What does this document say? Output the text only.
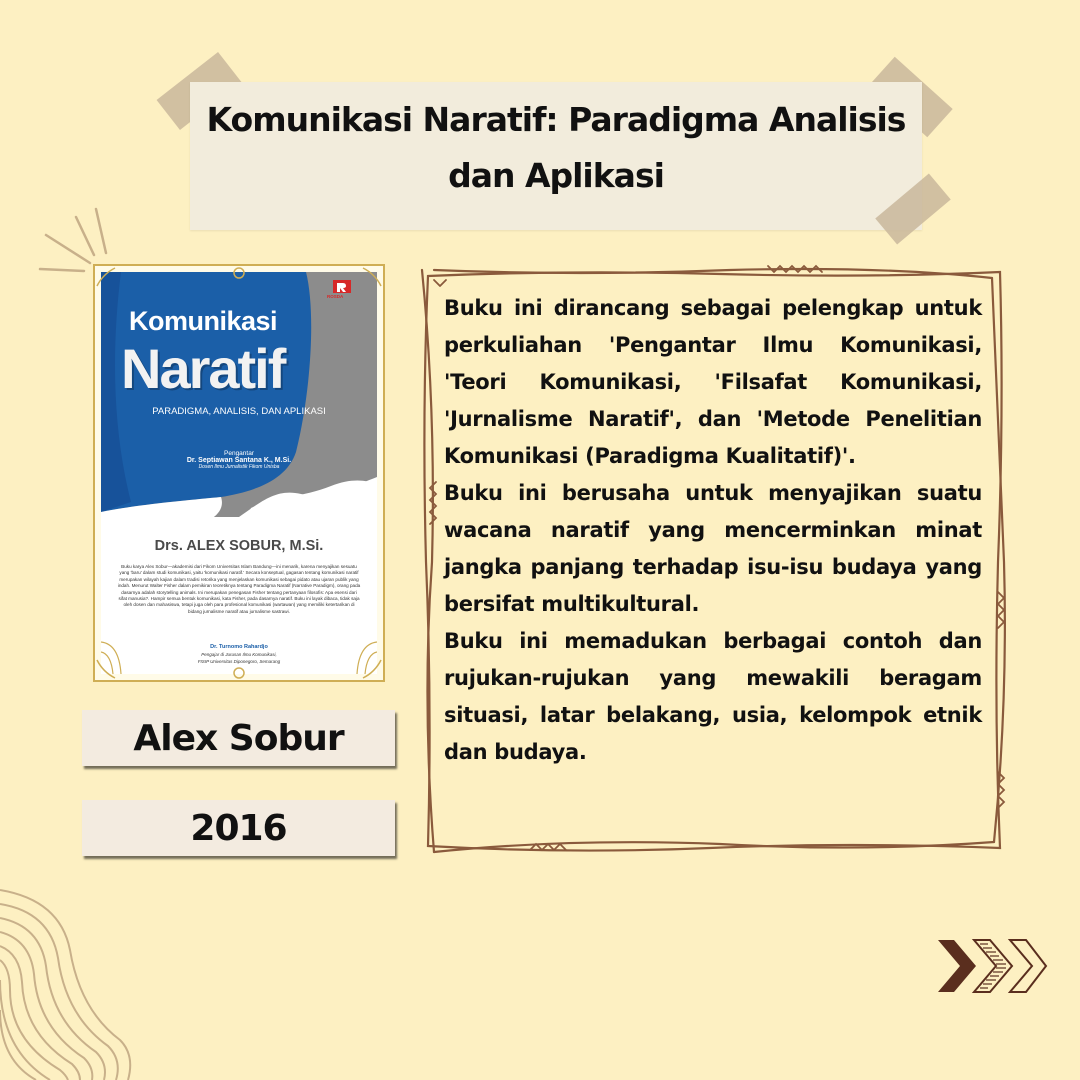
Komunikasi Naratif: Paradigma Analisis
dan Aplikasi
ROSDA
Komunikasi
Naratif
PARADIGMA, ANALISIS, DAN APLIKASI
Pengantar
Dr. Septiawan Santana K., M.Si.
Dosen Ilmu Jurnalistik Fikom Unisba
Drs. ALEX SOBUR, M.Si.
Buku karya Alex Sobur—akademisi dari Fikom Universitas Islam Bandung—ini menarik, karena menyajikan sesuatu yang 'baru' dalam studi komunikasi, yaitu 'komunikasi naratif.' Secara konseptual, gagasan tentang komunikasi naratif merupakan wilayah kajian dalam tradisi retorika yang menjelaskan komunikasi sebagai pidato atau ujaran publik yang indah. Menurut Walter Fisher dalam pemikiran teoretiknya tentang Paradigma Naratif (Narrative Paradigm), orang pada dasarnya adalah storytelling animals. Ini merupakan penegasan Fisher tentang pertanyaan filosofis: Apa esensi dari sifat manusia?. Hampir semua bentuk komunikasi, kata Fisher, pada dasarnya naratif. Buku ini layak dibaca, tidak saja oleh dosen dan mahasiswa, tetapi juga oleh para profesional komunikasi (wartawan) yang memiliki ketertarikan di bidang jurnalisme naratif atau jurnalisme sastrawi.
Dr. Turnomo Rahardjo
Pengajar di Jurusan Ilmu Komunikasi,
FISIP Universitas Diponegoro, Semarang
Alex Sobur
2016

Buku ini dirancang sebagai pelengkap untuk perkuliahan 'Pengantar Ilmu Komunikasi, 'Teori Komunikasi, 'Filsafat Komunikasi, 'Jurnalisme Naratif', dan 'Metode Penelitian Komunikasi (Paradigma Kualitatif)'.

Buku ini berusaha untuk menyajikan suatu wacana naratif yang mencerminkan minat jangka panjang terhadap isu-isu budaya yang bersifat multikultural.

Buku ini memadukan berbagai contoh dan rujukan-rujukan yang mewakili beragam situasi, latar belakang, usia, kelompok etnik dan budaya.
